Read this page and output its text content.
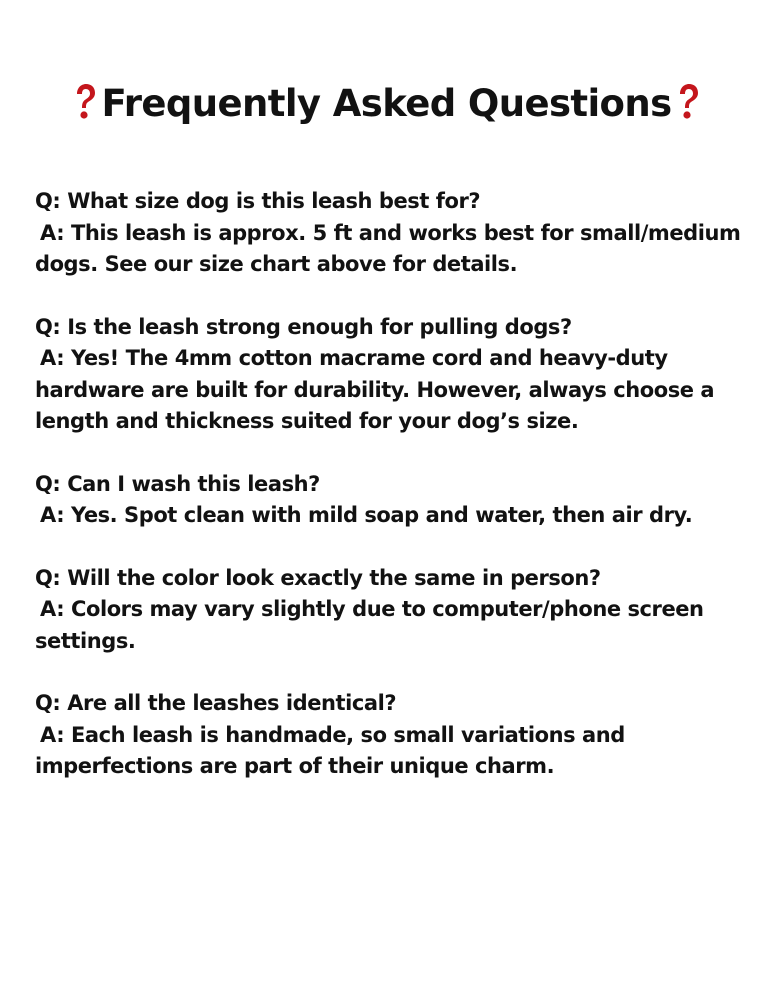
Frequently Asked Questions
Q: What size dog is this leash best for?
A: This leash is approx. 5 ft and works best for small/medium
dogs. See our size chart above for details.
Q: Is the leash strong enough for pulling dogs?
A: Yes! The 4mm cotton macrame cord and heavy-duty
hardware are built for durability. However, always choose a
length and thickness suited for your dog’s size.
Q: Can I wash this leash?
A: Yes. Spot clean with mild soap and water, then air dry.
Q: Will the color look exactly the same in person?
A: Colors may vary slightly due to computer/phone screen
settings.
Q: Are all the leashes identical?
A: Each leash is handmade, so small variations and
imperfections are part of their unique charm.
